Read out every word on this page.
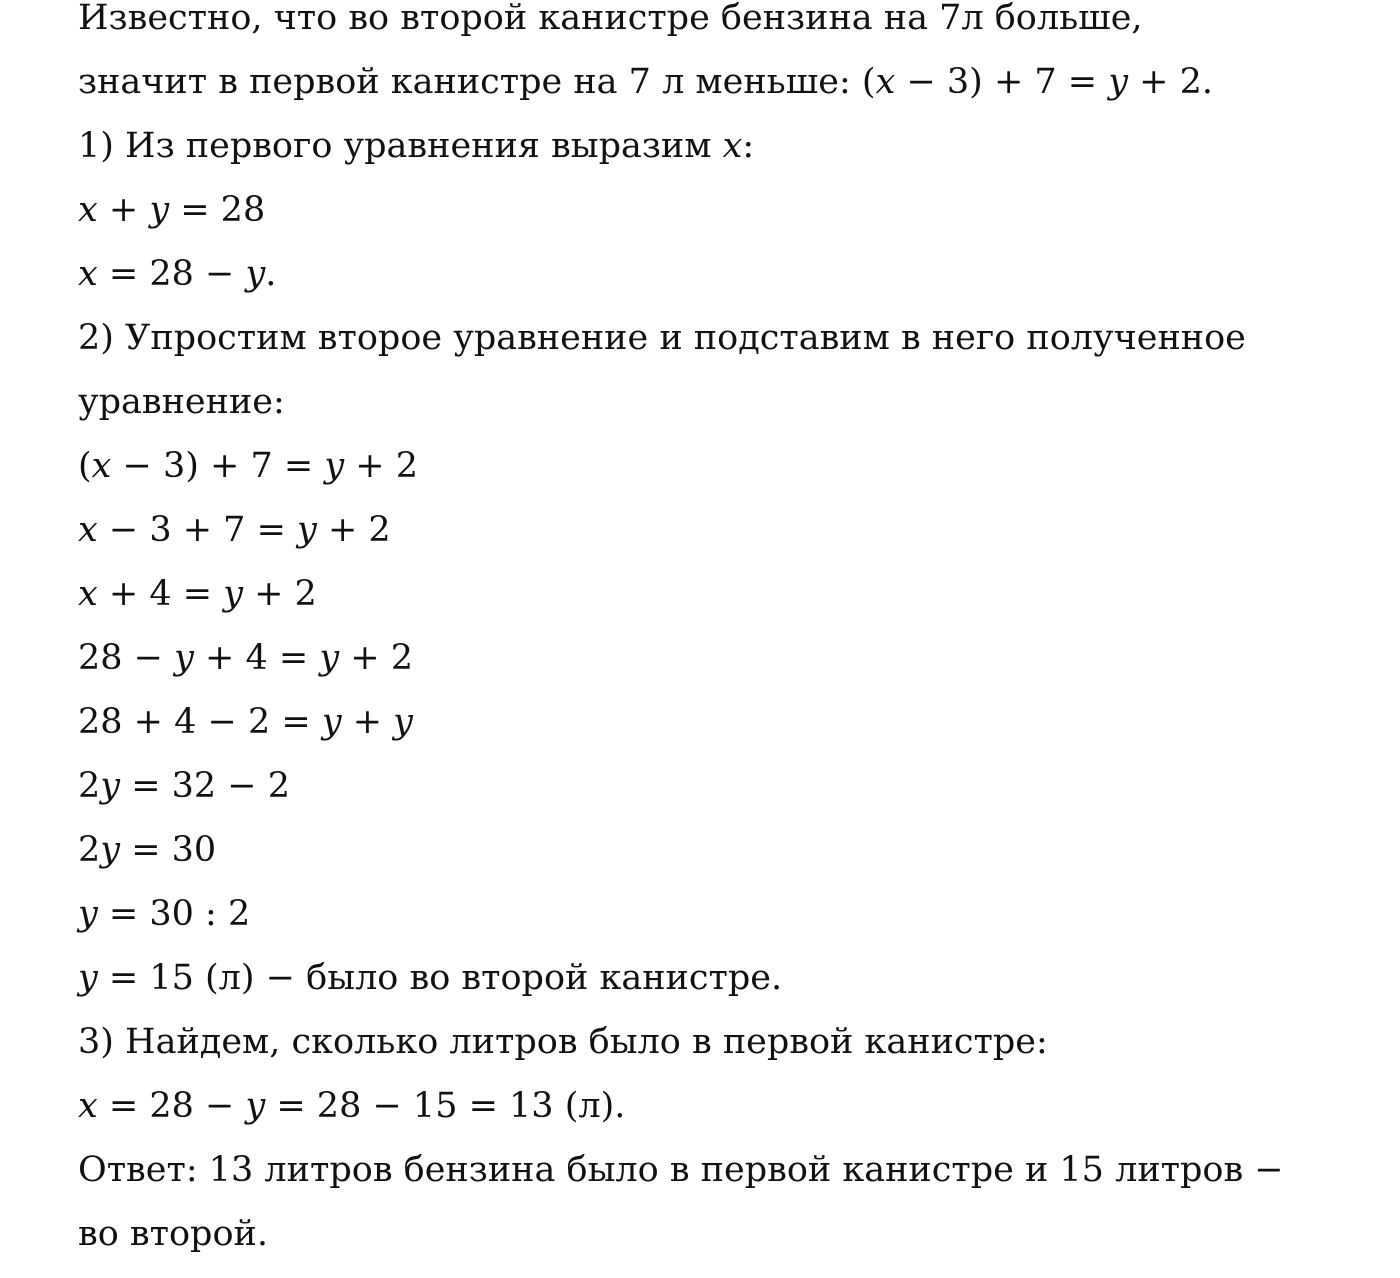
Известно, что во второй канистре бензина на 7л больше,
значит в первой канистре на 7 л меньше: (x − 3) + 7 = y + 2.
1) Из первого уравнения выразим x:
x + y = 28
x = 28 − y.
2) Упростим второе уравнение и подставим в него полученное
уравнение:
(x − 3) + 7 = y + 2
x − 3 + 7 = y + 2
x + 4 = y + 2
28 − y + 4 = y + 2
28 + 4 − 2 = y + y
2y = 32 − 2
2y = 30
y = 30 : 2
y = 15 (л) − было во второй канистре.
3) Найдем, сколько литров было в первой канистре:
x = 28 − y = 28 − 15 = 13 (л).
Ответ: 13 литров бензина было в первой канистре и 15 литров −
во второй.
